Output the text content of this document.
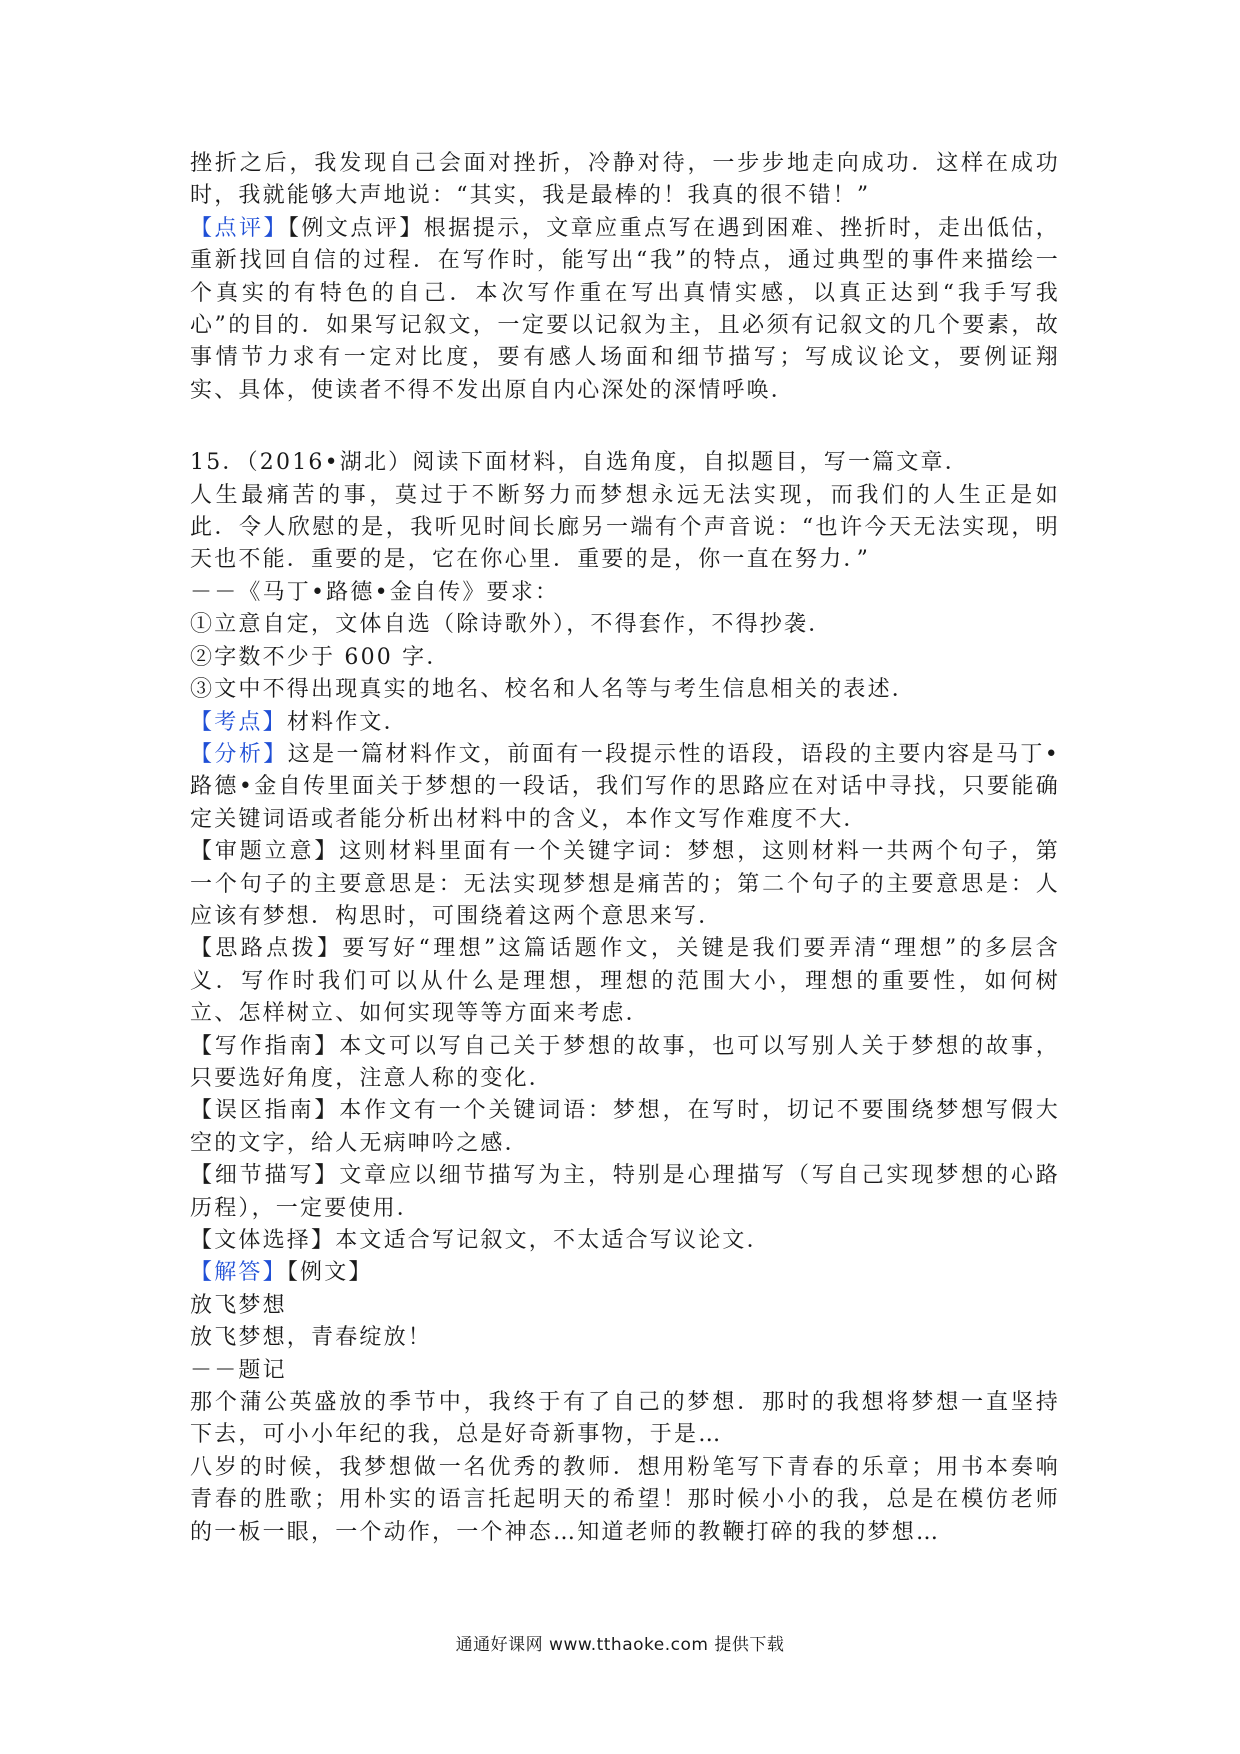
挫折之后，我发现自己会面对挫折，冷静对待，一步步地走向成功．这样在成功时，我就能够大声地说：“其实，我是最棒的！我真的很不错！”

【点评】【例文点评】根据提示，文章应重点写在遇到困难、挫折时，走出低估，重新找回自信的过程．在写作时，能写出“我”的特点，通过典型的事件来描绘一个真实的有特色的自己．本次写作重在写出真情实感，以真正达到“我手写我心”的目的．如果写记叙文，一定要以记叙为主，且必须有记叙文的几个要素，故事情节力求有一定对比度，要有感人场面和细节描写；写成议论文，要例证翔实、具体，使读者不得不发出原自内心深处的深情呼唤．

15．（2016•湖北）阅读下面材料，自选角度，自拟题目，写一篇文章．

人生最痛苦的事，莫过于不断努力而梦想永远无法实现，而我们的人生正是如此．令人欣慰的是，我听见时间长廊另一端有个声音说：“也许今天无法实现，明天也不能．重要的是，它在你心里．重要的是，你一直在努力．”

－－《马丁•路德•金自传》要求：

①立意自定，文体自选（除诗歌外），不得套作，不得抄袭．

②字数不少于 600 字．

③文中不得出现真实的地名、校名和人名等与考生信息相关的表述．

【考点】材料作文．

【分析】这是一篇材料作文，前面有一段提示性的语段，语段的主要内容是马丁•路德•金自传里面关于梦想的一段话，我们写作的思路应在对话中寻找，只要能确定关键词语或者能分析出材料中的含义，本作文写作难度不大．

【审题立意】这则材料里面有一个关键字词：梦想，这则材料一共两个句子，第一个句子的主要意思是：无法实现梦想是痛苦的；第二个句子的主要意思是：人应该有梦想．构思时，可围绕着这两个意思来写．

【思路点拨】要写好“理想”这篇话题作文，关键是我们要弄清“理想”的多层含义．写作时我们可以从什么是理想，理想的范围大小，理想的重要性，如何树立、怎样树立、如何实现等等方面来考虑．

【写作指南】本文可以写自己关于梦想的故事，也可以写别人关于梦想的故事，只要选好角度，注意人称的变化．

【误区指南】本作文有一个关键词语：梦想，在写时，切记不要围绕梦想写假大空的文字，给人无病呻吟之感．

【细节描写】文章应以细节描写为主，特别是心理描写（写自己实现梦想的心路历程），一定要使用．

【文体选择】本文适合写记叙文，不太适合写议论文．

【解答】【例文】

放飞梦想

放飞梦想，青春绽放！

－－题记

那个蒲公英盛放的季节中，我终于有了自己的梦想．那时的我想将梦想一直坚持下去，可小小年纪的我，总是好奇新事物，于是…

八岁的时候，我梦想做一名优秀的教师．想用粉笔写下青春的乐章；用书本奏响青春的胜歌；用朴实的语言托起明天的希望！那时候小小的我，总是在模仿老师的一板一眼，一个动作，一个神态…知道老师的教鞭打碎的我的梦想…

通通好课网 www.tthaoke.com 提供下载
